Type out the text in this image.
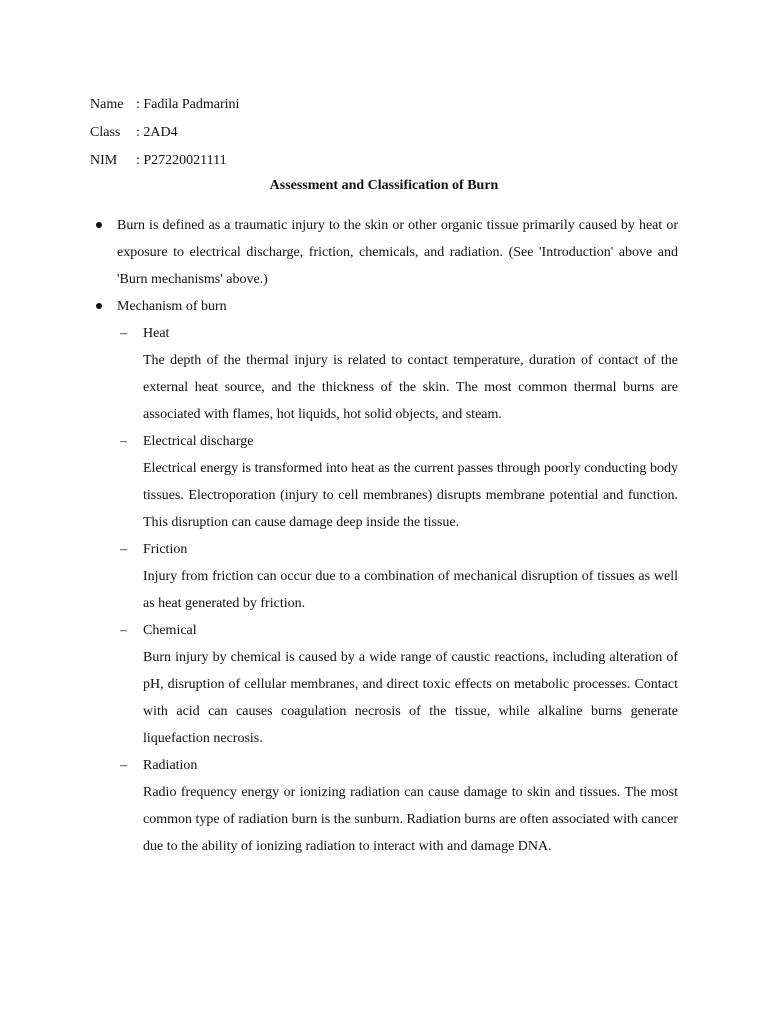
Name : Fadila Padmarini
Class	: 2AD4
NIM	: P27220021111
Assessment and Classification of Burn
Burn is defined as a traumatic injury to the skin or other organic tissue primarily caused by heat or exposure to electrical discharge, friction, chemicals, and radiation. (See 'Introduction' above and 'Burn mechanisms' above.)
Mechanism of burn
– Heat
The depth of the thermal injury is related to contact temperature, duration of contact of the external heat source, and the thickness of the skin. The most common thermal burns are associated with flames, hot liquids, hot solid objects, and steam.
– Electrical discharge
Electrical energy is transformed into heat as the current passes through poorly conducting body tissues. Electroporation (injury to cell membranes) disrupts membrane potential and function. This disruption can cause damage deep inside the tissue.
– Friction
Injury from friction can occur due to a combination of mechanical disruption of tissues as well as heat generated by friction.
– Chemical
Burn injury by chemical is caused by a wide range of caustic reactions, including alteration of pH, disruption of cellular membranes, and direct toxic effects on metabolic processes. Contact with acid can causes coagulation necrosis of the tissue, while alkaline burns generate liquefaction necrosis.
– Radiation
Radio frequency energy or ionizing radiation can cause damage to skin and tissues. The most common type of radiation burn is the sunburn. Radiation burns are often associated with cancer due to the ability of ionizing radiation to interact with and damage DNA.
